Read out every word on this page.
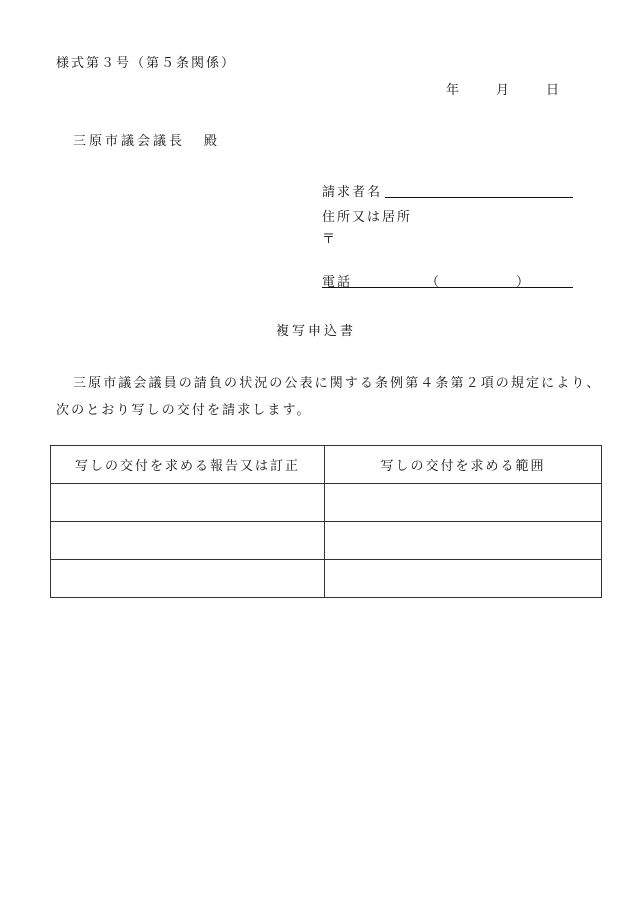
様式第３号（第５条関係）
年	月	日
三原市議会議長 殿
請求者名
住所又は居所
〒
電話	（	）
複写申込書
三原市議会議員の請負の状況の公表に関する条例第４条第２項の規定により、次のとおり写しの交付を請求します。
写しの交付を求める報告又は訂正	写しの交付を求める範囲
